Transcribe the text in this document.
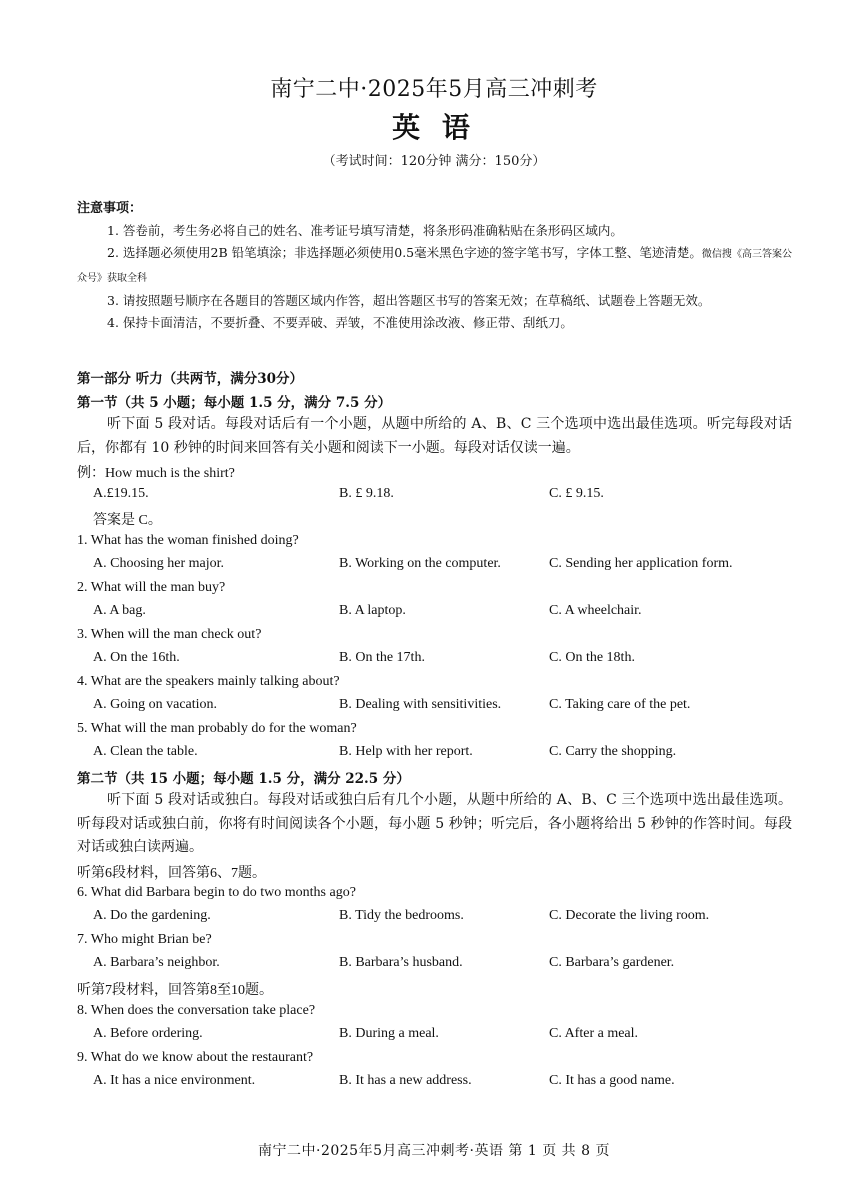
南宁二中·2025年5月高三冲刺考
英 语
（考试时间：120分钟 满分：150分）
注意事项：
1. 答卷前，考生务必将自己的姓名、准考证号填写清楚，将条形码准确粘贴在条形码区域内。
2. 选择题必须使用2B 铅笔填涂；非选择题必须使用0.5毫米黑色字迹的签字笔书写，字体工整、笔迹清楚。微信搜《高三答案公众号》获取全科
3. 请按照题号顺序在各题目的答题区域内作答，超出答题区书写的答案无效；在草稿纸、试题卷上答题无效。
4. 保持卡面清洁，不要折叠、不要弄破、弄皱，不准使用涂改液、修正带、刮纸刀。
第一部分 听力（共两节，满分30分）
第一节（共 5 小题；每小题 1.5 分，满分 7.5 分）
听下面 5 段对话。每段对话后有一个小题，从题中所给的 A、B、C 三个选项中选出最佳选项。听完每段对话后，你都有 10 秒钟的时间来回答有关小题和阅读下一小题。每段对话仅读一遍。
例：How much is the shirt?
A.£19.15.	B. £ 9.18.	C. £ 9.15.
答案是 C。
1. What has the woman finished doing?
A. Choosing her major.	B. Working on the computer.	C. Sending her application form.
2. What will the man buy?
A. A bag.	B. A laptop.	C. A wheelchair.
3. When will the man check out?
A. On the 16th.	B. On the 17th.	C. On the 18th.
4. What are the speakers mainly talking about?
A. Going on vacation.	B. Dealing with sensitivities.	C. Taking care of the pet.
5. What will the man probably do for the woman?
A. Clean the table.	B. Help with her report.	C. Carry the shopping.
第二节（共 15 小题；每小题 1.5 分，满分 22.5 分）
听下面 5 段对话或独白。每段对话或独白后有几个小题，从题中所给的 A、B、C 三个选项中选出最佳选项。听每段对话或独白前，你将有时间阅读各个小题，每小题 5 秒钟；听完后，各小题将给出 5 秒钟的作答时间。每段对话或独白读两遍。
听第6段材料，回答第6、7题。
6. What did Barbara begin to do two months ago?
A. Do the gardening.	B. Tidy the bedrooms.	C. Decorate the living room.
7. Who might Brian be?
A. Barbara’s neighbor.	B. Barbara’s husband.	C. Barbara’s gardener.
听第7段材料，回答第8至10题。
8. When does the conversation take place?
A. Before ordering.	B. During a meal.	C. After a meal.
9. What do we know about the restaurant?
A. It has a nice environment.	B. It has a new address.	C. It has a good name.
南宁二中·2025年5月高三冲刺考·英语 第 1 页 共 8 页
